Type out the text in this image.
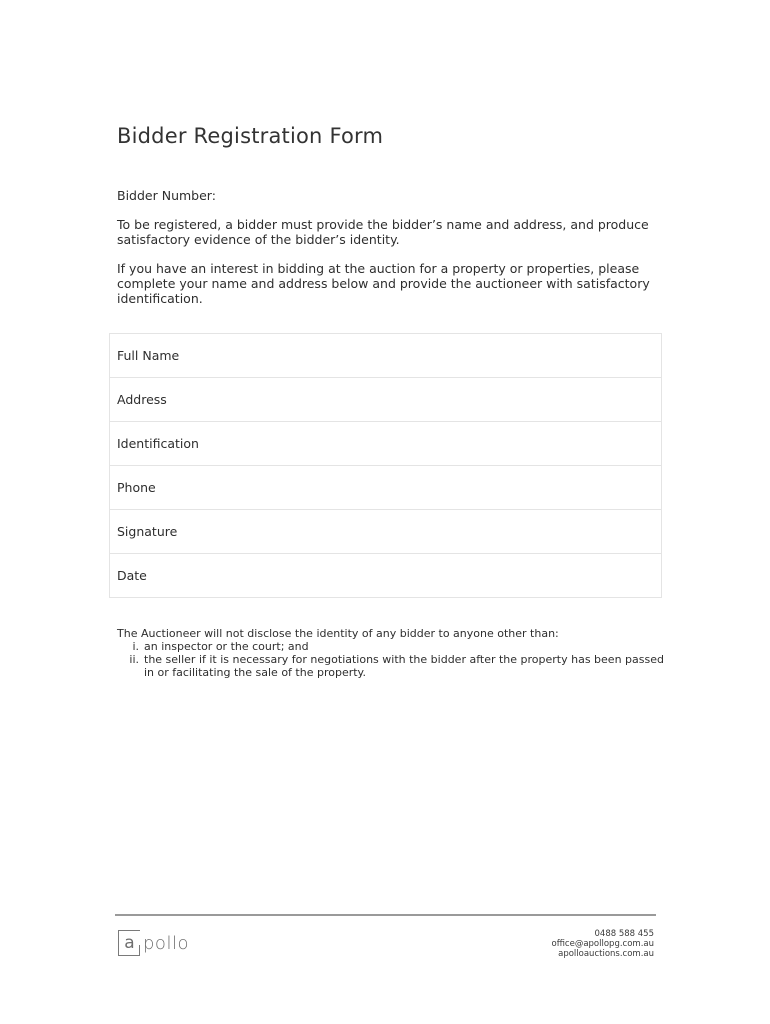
Bidder Registration Form

Bidder Number:

To be registered, a bidder must provide the bidder’s name and address, and produce satisfactory evidence of the bidder’s identity.

If you have an interest in bidding at the auction for a property or properties, please complete your name and address below and provide the auctioneer with satisfactory identification.

Full Name
Address
Identification
Phone
Signature
Date

The Auctioneer will not disclose the identity of any bidder to anyone other than:

i. an inspector or the court; and
ii. the seller if it is necessary for negotiations with the bidder after the property has been passed in or facilitating the sale of the property.
a pollo	0488 588 455
office@apollopg.com.au
apolloauctions.com.au
